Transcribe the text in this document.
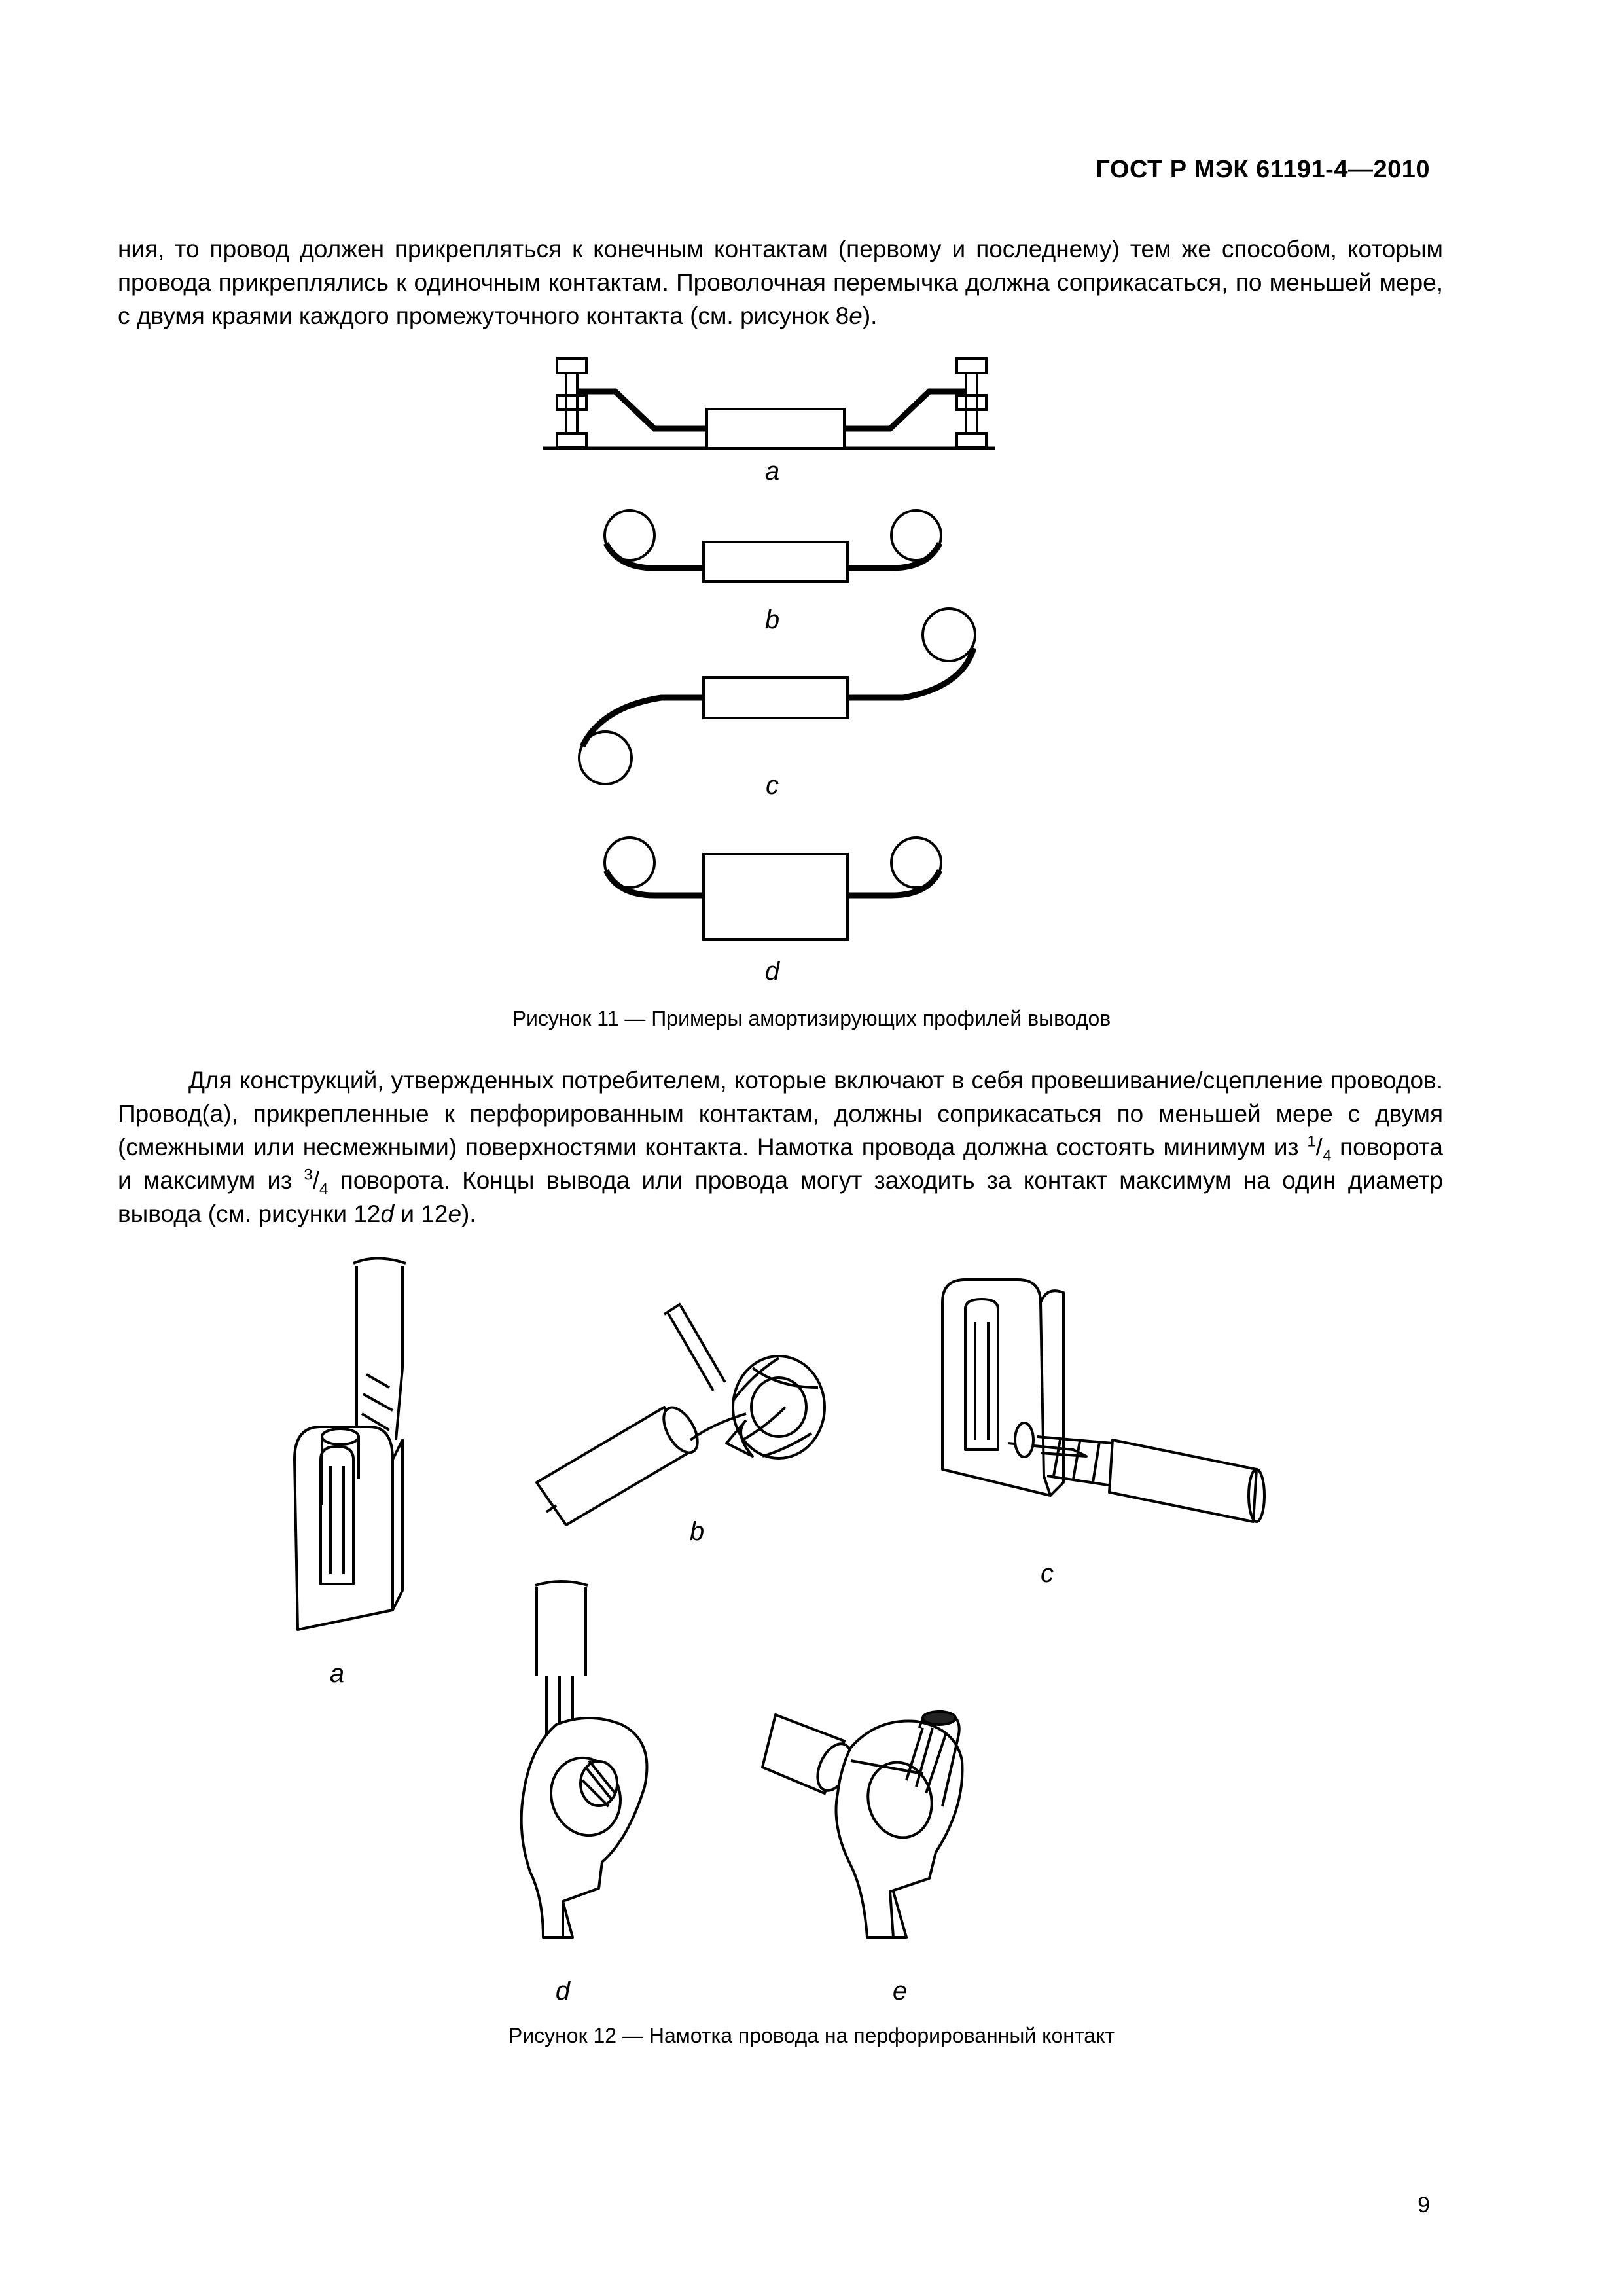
ГОСТ Р МЭК 61191-4—2010

ния, то провод должен прикрепляться к конечным контактам (первому и последнему) тем же способом, которым провода прикреплялись к одиночным контактам. Проволочная перемычка должна соприкасаться, по меньшей мере, с двумя краями каждого промежуточного контакта (см. рисунок 8е).

a
b
c
d
Рисунок 11 — Примеры амортизирующих профилей выводов

Для конструкций, утвержденных потребителем, которые включают в себя провешивание/сцепление проводов. Провод(а), прикрепленные к перфорированным контактам, должны соприкасаться по меньшей мере с двумя (смежными или несмежными) поверхностями контакта. Намотка провода должна состоять минимум из $^1/_4$ поворота и максимум из $^3/_4$ поворота. Концы вывода или провода могут заходить за контакт максимум на один диаметр вывода (см. рисунки 12d и 12e).

a
b
c
d	e
Рисунок 12 — Намотка провода на перфорированный контакт
9
